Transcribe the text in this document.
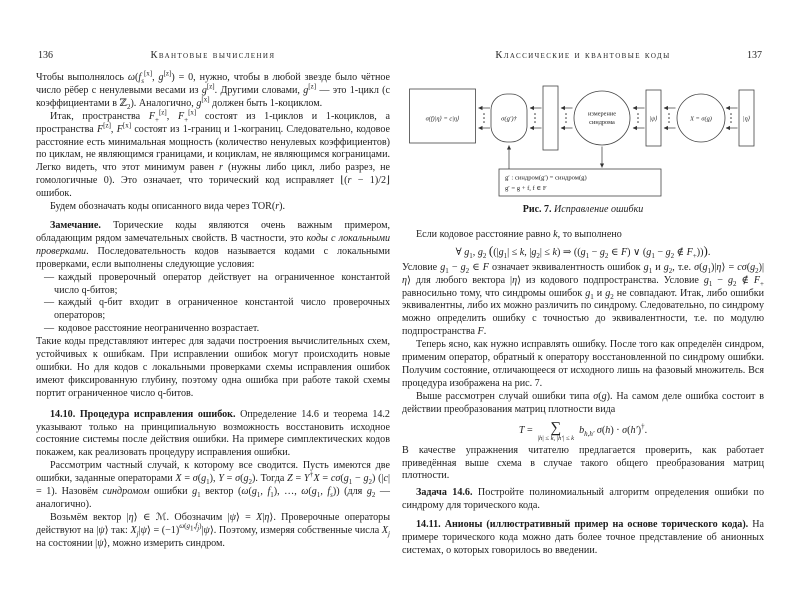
136	Квантовые вычисления

Чтобы выполнялось $\omega(f_s[x]$, g[z]) = 0, нужно, чтобы в любой звезде было чётное число рёбер с ненулевыми весами из g[z]. Другими словами, g[z] — это 1-цикл (с коэффициентами в ℤ$_2$). Аналогично, g[x] должен быть 1-коциклом.

Итак, пространства $F_+[z]$, $F_+[x]$ состоят из 1-циклов и 1-коциклов, а пространства F[z], F[x] состоят из 1-границ и 1-кограниц. Следовательно, кодовое расстояние есть минимальная мощность (количество ненулевых коэффициентов) по циклам, не являющимся границами, и коциклам, не являющимся кограницами. Легко видеть, что этот минимум равен r (нужны либо цикл, либо разрез, не гомологичные 0). Это означает, что торический код исправляет ⌊(r − 1)/2⌋ ошибок.

Будем обозначать коды описанного вида через TOR(r).

Замечание. Торические коды являются очень важным примером, обладающим рядом замечательных свойств. В частности, это коды с локальными проверками. Последовательность кодов называется кодами с локальными проверками, если выполнены следующие условия:

— каждый проверочный оператор действует на ограниченное константой число q-битов;

— каждый q-бит входит в ограниченное константой число проверочных операторов;

— кодовое расстояние неограниченно возрастает.

Такие коды представляют интерес для задачи построения вычислительных схем, устойчивых к ошибкам. При исправлении ошибок могут происходить новые ошибки. Но для кодов с локальными проверками схемы исправления ошибок имеют фиксированную глубину, поэтому одна ошибка при работе такой схемы портит ограниченное число q-битов.

14.10. Процедура исправления ошибок. Определение 14.6 и теорема 14.2 указывают только на принципиальную возможность восстановить исходное состояние системы после действия ошибки. На примере симплектических кодов покажем, как реализовать процедуру исправления ошибки.

Рассмотрим частный случай, к которому все сводится. Пусть имеются две ошибки, заданные операторами $X = \sigma(g_1)$, $Y = \sigma(g_2)$. Тогда $Z = Y^\dagger X = c\sigma(g_1 - g_2) (|c| = 1)$. Назовём синдромом ошибки $g_1$ вектор ($\omega(g_1$, $f_1$), …, $\omega(g_1$, $f_s$)) (для $g_2$ — аналогично).

Возьмём вектор |η⟩ ∈ ℳ. Обозначим |ψ⟩ = X|η⟩. Проверочные операторы действуют на |ψ⟩ так: $X_j|\psi⟩$ = $(-1)^{\omega(g_1,f_j)}|\psi⟩$. Поэтому, измеряя собственные числа $X_j$ на состоянии |ψ⟩, можно измерить синдром.

Классические и квантовые коды	137
σ(f)|η⟩ = c|η⟩	σ(g′)†
измерение
синдрома	|ψ⟩	X = σ(g)	|η⟩
g′ : синдром(g′) = синдром(g)
g′ = g + f, f ∈ F
Рис. 7. Исправление ошибки

Если кодовое расстояние равно k, то выполнено

∀ $g_1$, $g_2$ (($|g_1| \le k$, $|g_2| \le k$) ⇒ (($g_1 - g_2$ ∈ F) ∨ ($g_1 - g_2$ ∉ $F_+$))).

Условие $g_1 - g_2$ ∈ F означает эквивалентность ошибок $g_1$ и $g_2$, т.е. $\sigma(g_1)|\eta⟩$ = $c\sigma(g_2)|\eta⟩$ для любого вектора |η⟩ из кодового подпространства. Условие $g_1 - g_2$ ∉ $F_+$ равносильно тому, что синдромы ошибок $g_1$ и $g_2$ не совпадают. Итак, либо ошибки эквивалентны, либо их можно различить по синдрому. Следовательно, по синдрому можно определить ошибку с точностью до эквивалентности, т.е. по модулю подпространства F.

Теперь ясно, как нужно исправлять ошибку. После того как определён синдром, применим оператор, обратный к оператору восстановленной по синдрому ошибки. Получим состояние, отличающееся от исходного лишь на фазовый множитель. Вся процедура изображена на рис. 7.

Выше рассмотрен случай ошибки типа σ(g). На самом деле ошибка состоит в действии преобразования матриц плотности вида

T = ∑
|h| ≤ k, |h′| ≤ k
$b_{h,h'}$ σ(h) · σ(h′)†.

В качестве упражнения читателю предлагается проверить, как работает приведённая выше схема в случае такого общего преобразования матриц плотности.

Задача 14.6. Постройте полиномиальный алгоритм определения ошибки по синдрому для торического кода.

14.11. Анионы (иллюстративный пример на основе торического кода). На примере торического кода можно дать более точное представление об анионных системах, о которых говорилось во введении.
